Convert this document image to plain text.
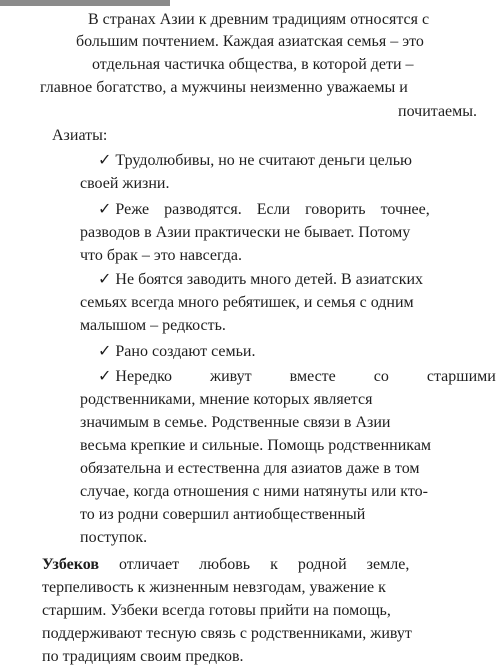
В странах Азии к древним традициям относятся с
большим почтением. Каждая азиатская семья – это
отдельная частичка общества, в которой дети –
главное богатство, а мужчины неизменно уважаемы и
почитаемы.
Азиаты:
✓ Трудолюбивы, но не считают деньги целью
своей жизни.
✓ Реже разводятся. Если говорить точнее,
разводов в Азии практически не бывает. Потому
что брак – это навсегда.
✓ Не боятся заводить много детей. В азиатских
семьях всегда много ребятишек, и семья с одним
малышом – редкость.
✓ Рано создают семьи.
✓ Нередко живут вместе со старшими
родственниками, мнение которых является
значимым в семье. Родственные связи в Азии
весьма крепкие и сильные. Помощь родственникам
обязательна и естественна для азиатов даже в том
случае, когда отношения с ними натянуты или кто-
то из родни совершил антиобщественный
поступок.
Узбеков отличает любовь к родной земле,
терпеливость к жизненным невзгодам, уважение к
старшим. Узбеки всегда готовы прийти на помощь,
поддерживают тесную связь с родственниками, живут
по традициям своим предков.
